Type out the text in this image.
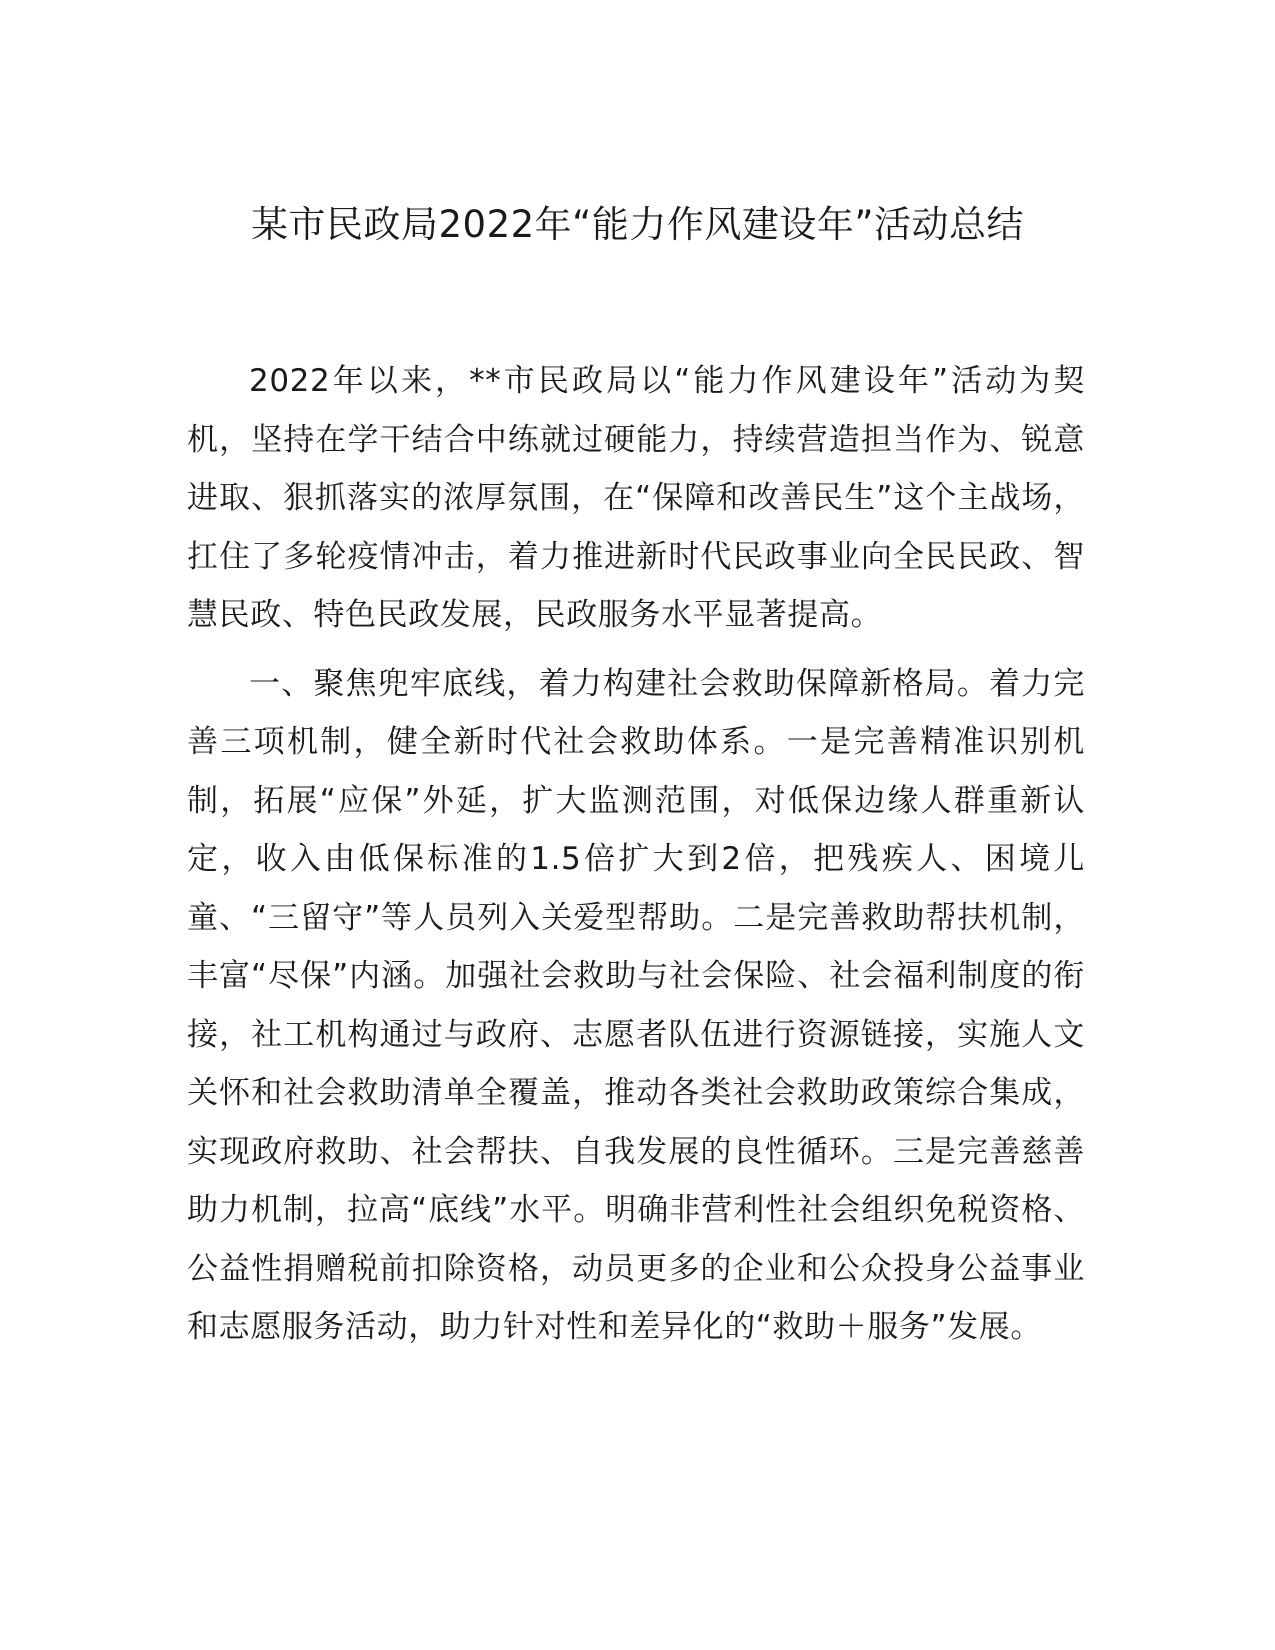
某市民政局2022年“能力作风建设年”活动总结

2022年以来，**市民政局以“能力作风建设年”活动为契机，坚持在学干结合中练就过硬能力，持续营造担当作为、锐意进取、狠抓落实的浓厚氛围，在“保障和改善民生”这个主战场，扛住了多轮疫情冲击，着力推进新时代民政事业向全民民政、智慧民政、特色民政发展，民政服务水平显著提高。

一、聚焦兜牢底线，着力构建社会救助保障新格局。着力完善三项机制，健全新时代社会救助体系。一是完善精准识别机制，拓展“应保”外延，扩大监测范围，对低保边缘人群重新认定，收入由低保标准的1.5倍扩大到2倍，把残疾人、困境儿童、“三留守”等人员列入关爱型帮助。二是完善救助帮扶机制，丰富“尽保”内涵。加强社会救助与社会保险、社会福利制度的衔接，社工机构通过与政府、志愿者队伍进行资源链接，实施人文关怀和社会救助清单全覆盖，推动各类社会救助政策综合集成，实现政府救助、社会帮扶、自我发展的良性循环。三是完善慈善助力机制，拉高“底线”水平。明确非营利性社会组织免税资格、公益性捐赠税前扣除资格，动员更多的企业和公众投身公益事业和志愿服务活动，助力针对性和差异化的“救助＋服务”发展。
